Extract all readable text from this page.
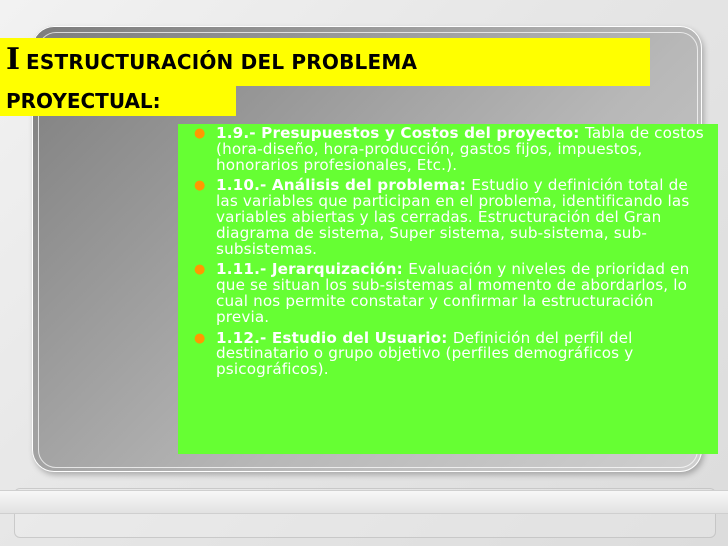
IESTRUCTURACIÓN DEL PROBLEMA
PROYECTUAL:
● 1.9.- Presupuestos y Costos del proyecto: Tabla de costos (hora-diseño, hora-producción, gastos fijos, impuestos, honorarios profesionales, Etc.).
● 1.10.- Análisis del problema: Estudio y definición total de las variables que participan en el problema, identificando las variables abiertas y las cerradas. Estructuración del Gran diagrama de sistema, Super sistema, sub-sistema, sub-subsistemas.
● 1.11.- Jerarquización: Evaluación y niveles de prioridad en que se situan los sub-sistemas al momento de abordarlos, lo cual nos permite constatar y confirmar la estructuración previa.
● 1.12.- Estudio del Usuario: Definición del perfil del destinatario o grupo objetivo (perfiles demográficos y psicográficos).
